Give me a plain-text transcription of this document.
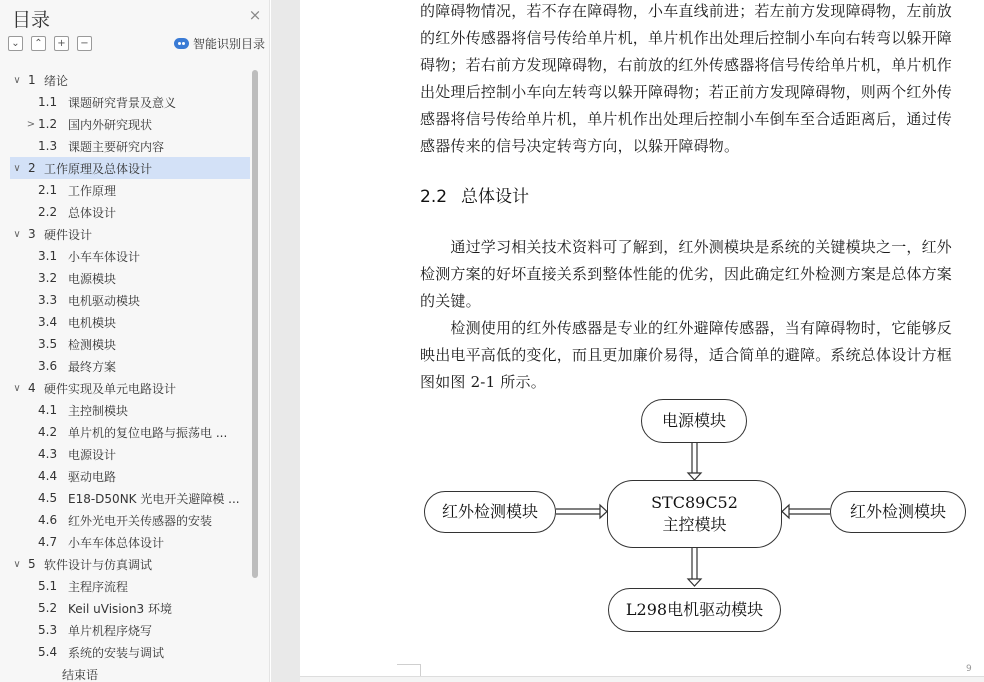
目录	×
⌄	⌃	+	−	智能识别目录
∨ 1 绪论
1.1 课题研究背景及意义
> 1.2 国内外研究现状
1.3 课题主要研究内容
∨ 2 工作原理及总体设计
2.1 工作原理
2.2 总体设计
∨ 3 硬件设计
3.1 小车车体设计
3.2 电源模块
3.3 电机驱动模块
3.4 电机模块
3.5 检测模块
3.6 最终方案
∨ 4 硬件实现及单元电路设计
4.1 主控制模块
4.2 单片机的复位电路与振荡电 ...
4.3 电源设计
4.4 驱动电路
4.5 E18-D50NK 光电开关避障模 ...
4.6 红外光电开关传感器的安装
4.7 小车车体总体设计
∨ 5 软件设计与仿真调试
5.1 主程序流程
5.2 Keil uVision3 环境
5.3 单片机程序烧写
5.4 系统的安装与调试
结束语
的障碍物情况，若不存在障碍物，小车直线前进；若左前方发现障碍物，左前放
的红外传感器将信号传给单片机，单片机作出处理后控制小车向右转弯以躲开障
碍物；若右前方发现障碍物，右前放的红外传感器将信号传给单片机，单片机作
出处理后控制小车向左转弯以躲开障碍物；若正前方发现障碍物，则两个红外传
感器将信号传给单片机，单片机作出处理后控制小车倒车至合适距离后，通过传
感器传来的信号决定转弯方向，以躲开障碍物。
2.2 总体设计
　　通过学习相关技术资料可了解到，红外测模块是系统的关键模块之一，红外
检测方案的好坏直接关系到整体性能的优劣，因此确定红外检测方案是总体方案
的关键。
　　检测使用的红外传感器是专业的红外避障传感器，当有障碍物时，它能够反
映出电平高低的变化，而且更加廉价易得，适合简单的避障。系统总体设计方框
图如图 2-1 所示。
电源模块
STC89C52
主控模块
红外检测模块	红外检测模块
L298电机驱动模块
9
